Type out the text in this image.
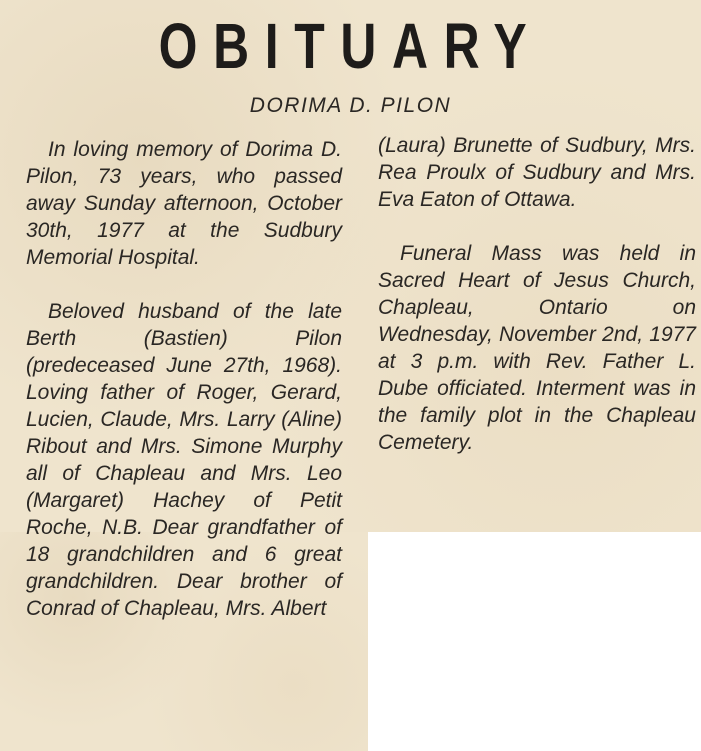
OBITUARY
DORIMA D. PILON

In loving memory of Dorima D. Pilon, 73 years, who passed away Sunday afternoon, October 30th, 1977 at the Sudbury Memorial Hospital.

Beloved husband of the late Berth (Bastien) Pilon (predeceased June 27th, 1968). Loving father of Roger, Gerard, Lucien, Claude, Mrs. Larry (Aline) Ribout and Mrs. Simone Murphy all of Chapleau and Mrs. Leo (Margaret) Hachey of Petit Roche, N.B. Dear grandfather of 18 grandchildren and 6 great grandchildren. Dear brother of Conrad of Chapleau, Mrs. Albert

(Laura) Brunette of Sudbury, Mrs. Rea Proulx of Sudbury and Mrs. Eva Eaton of Ottawa.

Funeral Mass was held in Sacred Heart of Jesus Church, Chapleau, Ontario on Wednesday, November 2nd, 1977 at 3 p.m. with Rev. Father L. Dube officiated. Interment was in the family plot in the Chapleau Cemetery.
